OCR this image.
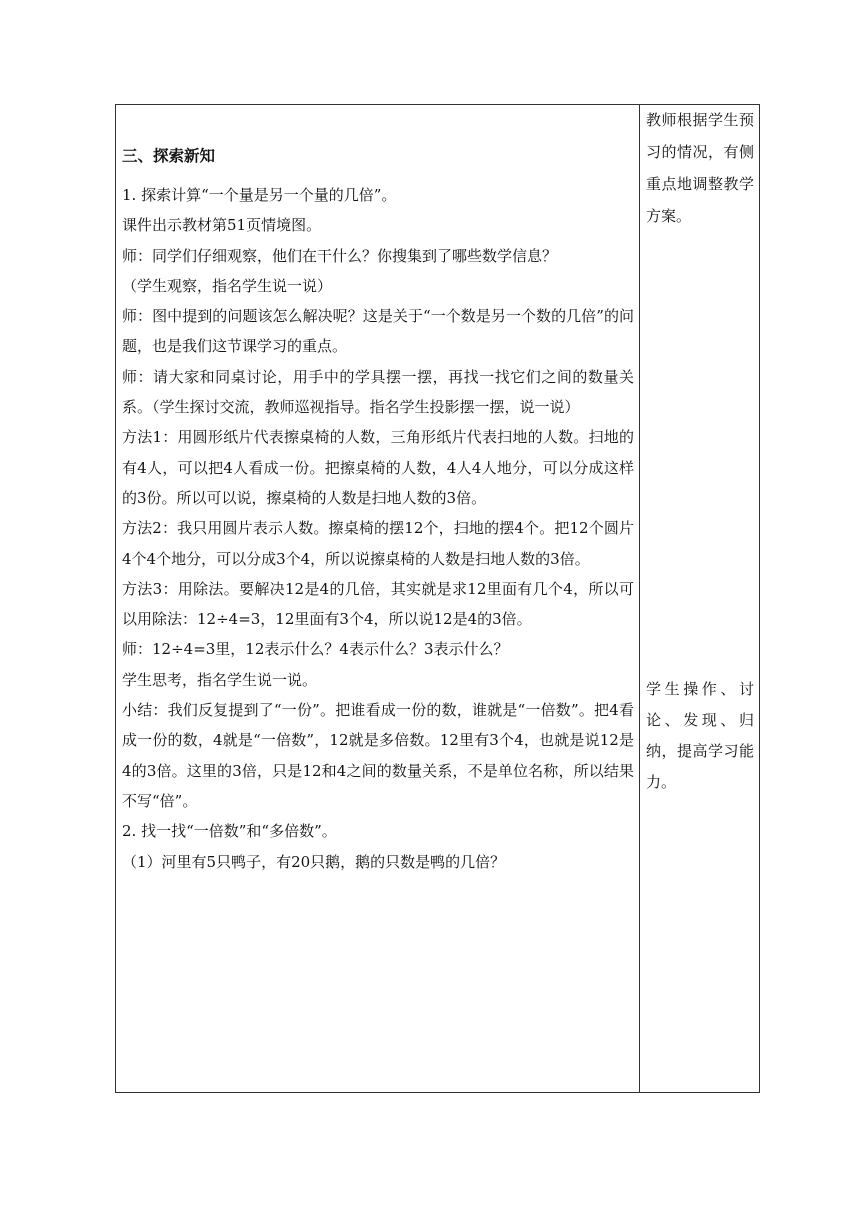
三、探索新知

1. 探索计算“一个量是另一个量的几倍”。

课件出示教材第51页情境图。

师：同学们仔细观察，他们在干什么？你搜集到了哪些数学信息？

（学生观察，指名学生说一说）

师：图中提到的问题该怎么解决呢？这是关于“一个数是另一个数的几倍”的问题，也是我们这节课学习的重点。

师：请大家和同桌讨论，用手中的学具摆一摆，再找一找它们之间的数量关系。（学生探讨交流，教师巡视指导。指名学生投影摆一摆，说一说）

方法1：用圆形纸片代表擦桌椅的人数，三角形纸片代表扫地的人数。扫地的有4人，可以把4人看成一份。把擦桌椅的人数，4人4人地分，可以分成这样的3份。所以可以说，擦桌椅的人数是扫地人数的3倍。

方法2：我只用圆片表示人数。擦桌椅的摆12个，扫地的摆4个。把12个圆片4个4个地分，可以分成3个4，所以说擦桌椅的人数是扫地人数的3倍。

方法3：用除法。要解决12是4的几倍，其实就是求12里面有几个4，所以可以用除法：12÷4=3，12里面有3个4，所以说12是4的3倍。

师：12÷4=3里，12表示什么？4表示什么？3表示什么？

学生思考，指名学生说一说。

小结：我们反复提到了“一份”。把谁看成一份的数，谁就是“一倍数”。把4看成一份的数，4就是“一倍数”，12就是多倍数。12里有3个4，也就是说12是4的3倍。这里的3倍，只是12和4之间的数量关系，不是单位名称，所以结果不写“倍”。

2. 找一找“一倍数”和“多倍数”。

（1）河里有5只鸭子，有20只鹅，鹅的只数是鸭的几倍？

教师根据学生预习的情况，有侧重点地调整教学方案。
学生操作、讨论、发现、归纳，提高学习能力。
